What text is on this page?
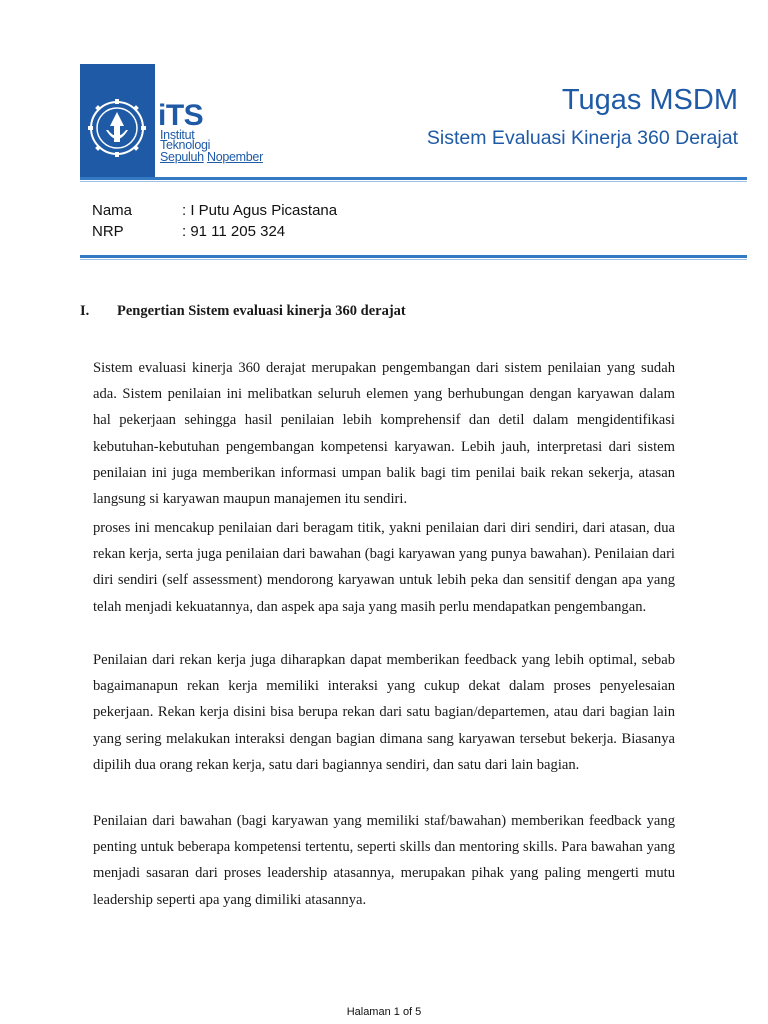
iTS
Institut
Teknologi
Sepuluh Nopember
Tugas MSDM
Sistem Evaluasi Kinerja 360 Derajat
Nama	: I Putu Agus Picastana
NRP	: 91 11 205 324
I. Pengertian Sistem evaluasi kinerja 360 derajat
Sistem evaluasi kinerja 360 derajat merupakan pengembangan dari sistem penilaian yang sudah ada. Sistem penilaian ini melibatkan seluruh elemen yang berhubungan dengan karyawan dalam hal pekerjaan sehingga hasil penilaian lebih komprehensif dan detil dalam mengidentifikasi kebutuhan-kebutuhan pengembangan kompetensi karyawan. Lebih jauh, interpretasi dari sistem penilaian ini juga memberikan informasi umpan balik bagi tim penilai baik rekan sekerja, atasan langsung si karyawan maupun manajemen itu sendiri.
proses ini mencakup penilaian dari beragam titik, yakni penilaian dari diri sendiri, dari atasan, dua rekan kerja, serta juga penilaian dari bawahan (bagi karyawan yang punya bawahan). Penilaian dari diri sendiri (self assessment) mendorong karyawan untuk lebih peka dan sensitif dengan apa yang telah menjadi kekuatannya, dan aspek apa saja yang masih perlu mendapatkan pengembangan.
Penilaian dari rekan kerja juga diharapkan dapat memberikan feedback yang lebih optimal, sebab bagaimanapun rekan kerja memiliki interaksi yang cukup dekat dalam proses penyelesaian pekerjaan. Rekan kerja disini bisa berupa rekan dari satu bagian/departemen, atau dari bagian lain yang sering melakukan interaksi dengan bagian dimana sang karyawan tersebut bekerja. Biasanya dipilih dua orang rekan kerja, satu dari bagiannya sendiri, dan satu dari lain bagian.
Penilaian dari bawahan (bagi karyawan yang memiliki staf/bawahan) memberikan feedback yang penting untuk beberapa kompetensi tertentu, seperti skills dan mentoring skills. Para bawahan yang menjadi sasaran dari proses leadership atasannya, merupakan pihak yang paling mengerti mutu leadership seperti apa yang dimiliki atasannya.
Halaman 1 of 5
